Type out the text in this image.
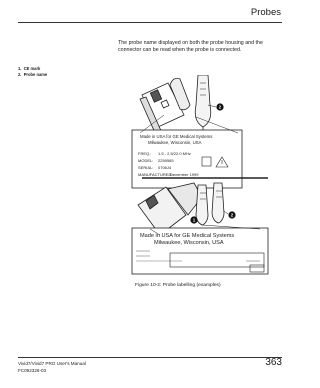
Probes
The probe name displayed on both the probe housing and the connector can be read when the probe is connected.
1. CE mark
2. Probe name
2
Made in USA for GE Medical Systems
Milwaukee, Wisconsin, USA
FREQ.: 1.5 - 2.5/22.0 MHz
MODEL: 2259565
SERIAL: 0706J4
MANUFACTURED:
December 1999
1
2
Made in USA for GE Medical Systems
Milwaukee, Wisconsin, USA
Figure 10-2: Probe labelling (examples)
Vivid7/Vivid7 PRO User's Manual
FC092326-03
363
